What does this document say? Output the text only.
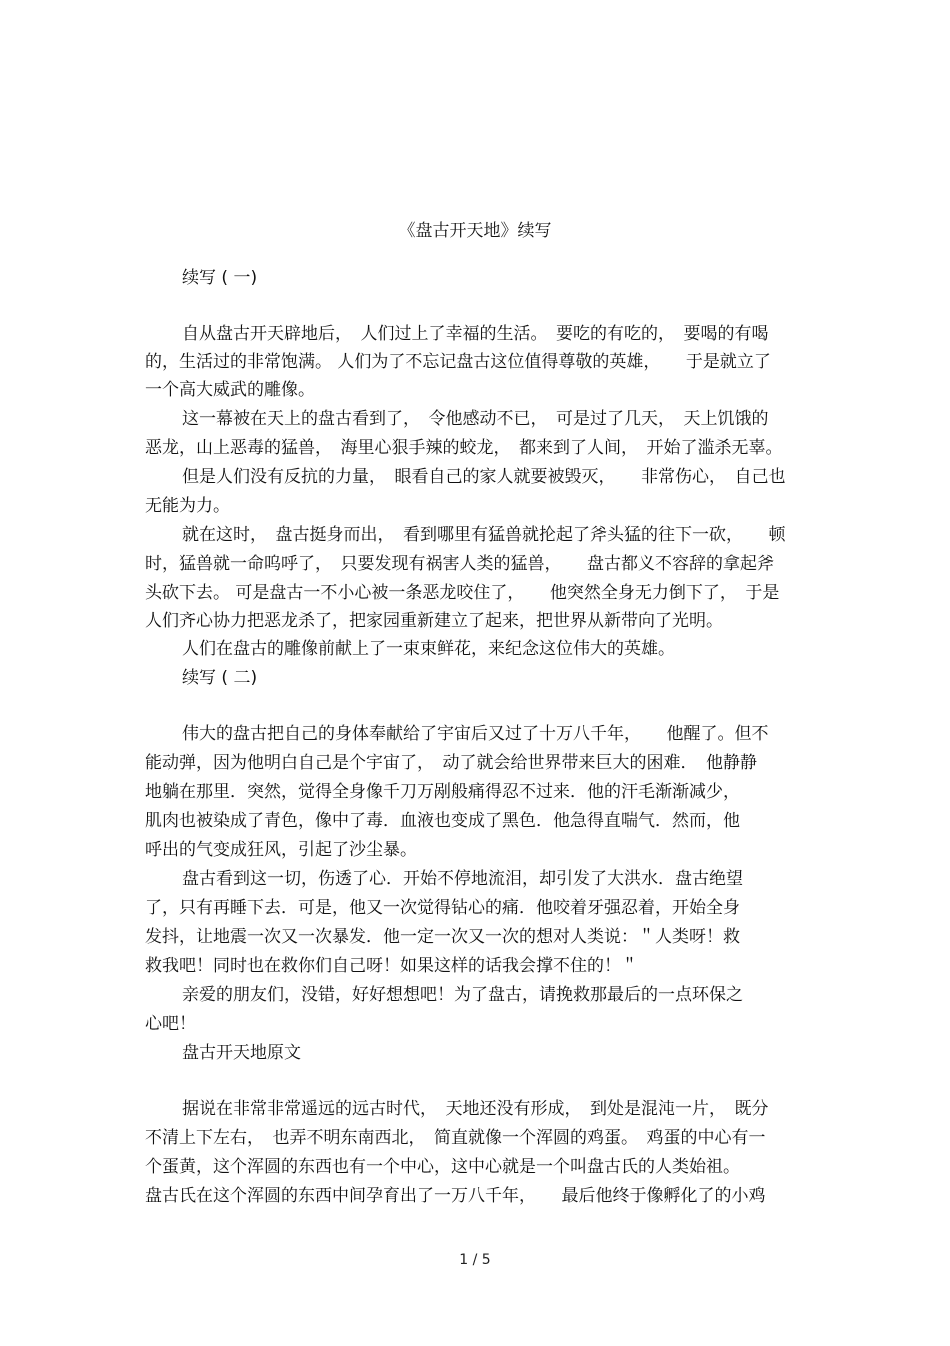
《盘古开天地》续写
续写 ( 一)
自从盘古开天辟地后，　人们过上了幸福的生活。　要吃的有吃的，　要喝的有喝
的，生活过的非常饱满。 人们为了不忘记盘古这位值得尊敬的英雄，　　于是就立了
一个高大威武的雕像。
这一幕被在天上的盘古看到了，　令他感动不已，　可是过了几天，　天上饥饿的
恶龙，山上恶毒的猛兽，　海里心狠手辣的蛟龙，　都来到了人间，　开始了滥杀无辜。
但是人们没有反抗的力量，　眼看自己的家人就要被毁灭，　　非常伤心，　自己也
无能为力。
就在这时，　盘古挺身而出，　看到哪里有猛兽就抡起了斧头猛的往下一砍，　　顿
时，猛兽就一命呜呼了，　只要发现有祸害人类的猛兽，　　盘古都义不容辞的拿起斧
头砍下去。 可是盘古一不小心被一条恶龙咬住了，　　他突然全身无力倒下了，　于是
人们齐心协力把恶龙杀了，把家园重新建立了起来，把世界从新带向了光明。
人们在盘古的雕像前献上了一束束鲜花，来纪念这位伟大的英雄。
续写 ( 二)
伟大的盘古把自己的身体奉献给了宇宙后又过了十万八千年，　　他醒了。但不
能动弹，因为他明白自己是个宇宙了，　动了就会给世界带来巨大的困难．　他静静
地躺在那里．突然，觉得全身像千刀万剐般痛得忍不过来．他的汗毛渐渐减少，
肌肉也被染成了青色，像中了毒．血液也变成了黑色．他急得直喘气．然而，他
呼出的气变成狂风，引起了沙尘暴。
盘古看到这一切，伤透了心．开始不停地流泪，却引发了大洪水．盘古绝望
了，只有再睡下去．可是，他又一次觉得钻心的痛．他咬着牙强忍着，开始全身
发抖，让地震一次又一次暴发．他一定一次又一次的想对人类说：＂人类呀！救
救我吧！同时也在救你们自己呀！如果这样的话我会撑不住的！＂
亲爱的朋友们，没错，好好想想吧！为了盘古，请挽救那最后的一点环保之
心吧！
盘古开天地原文
据说在非常非常遥远的远古时代，　天地还没有形成，　到处是混沌一片，　既分
不清上下左右，　也弄不明东南西北，　简直就像一个浑圆的鸡蛋。　鸡蛋的中心有一
个蛋黄，这个浑圆的东西也有一个中心，这中心就是一个叫盘古氏的人类始祖。
盘古氏在这个浑圆的东西中间孕育出了一万八千年，　　最后他终于像孵化了的小鸡
1 / 5
